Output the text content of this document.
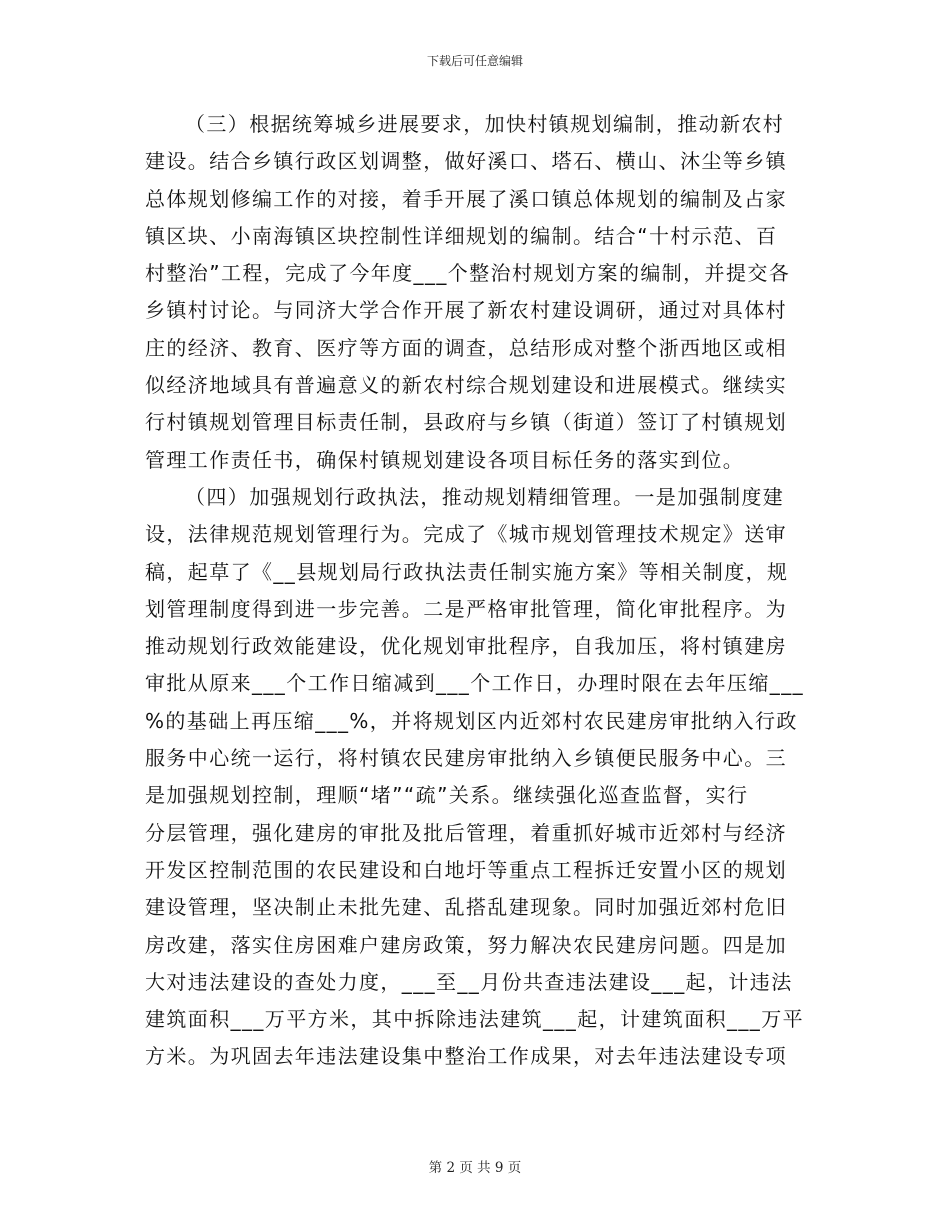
下载后可任意编辑
（三）根据统筹城乡进展要求，加快村镇规划编制，推动新农村
建设。结合乡镇行政区划调整，做好溪口、塔石、横山、沐尘等乡镇
总体规划修编工作的对接，着手开展了溪口镇总体规划的编制及占家
镇区块、小南海镇区块控制性详细规划的编制。结合“十村示范、百
村整治”工程，完成了今年度___个整治村规划方案的编制，并提交各
乡镇村讨论。与同济大学合作开展了新农村建设调研，通过对具体村
庄的经济、教育、医疗等方面的调查，总结形成对整个浙西地区或相
似经济地域具有普遍意义的新农村综合规划建设和进展模式。继续实
行村镇规划管理目标责任制，县政府与乡镇（街道）签订了村镇规划
管理工作责任书，确保村镇规划建设各项目标任务的落实到位。
（四）加强规划行政执法，推动规划精细管理。一是加强制度建
设，法律规范规划管理行为。完成了《城市规划管理技术规定》送审
稿，起草了《__县规划局行政执法责任制实施方案》等相关制度，规
划管理制度得到进一步完善。二是严格审批管理，简化审批程序。为
推动规划行政效能建设，优化规划审批程序，自我加压，将村镇建房
审批从原来___个工作日缩减到___个工作日，办理时限在去年压缩___
%的基础上再压缩___%，并将规划区内近郊村农民建房审批纳入行政
服务中心统一运行，将村镇农民建房审批纳入乡镇便民服务中心。三
是加强规划控制，理顺“堵”“疏”关系。继续强化巡查监督，实行
分层管理，强化建房的审批及批后管理，着重抓好城市近郊村与经济
开发区控制范围的农民建设和白地圩等重点工程拆迁安置小区的规划
建设管理，坚决制止未批先建、乱搭乱建现象。同时加强近郊村危旧
房改建，落实住房困难户建房政策，努力解决农民建房问题。四是加
大对违法建设的查处力度，___至__月份共查违法建设___起，计违法
建筑面积___万平方米，其中拆除违法建筑___起，计建筑面积___万平
方米。为巩固去年违法建设集中整治工作成果，对去年违法建设专项
第 2 页 共 9 页
